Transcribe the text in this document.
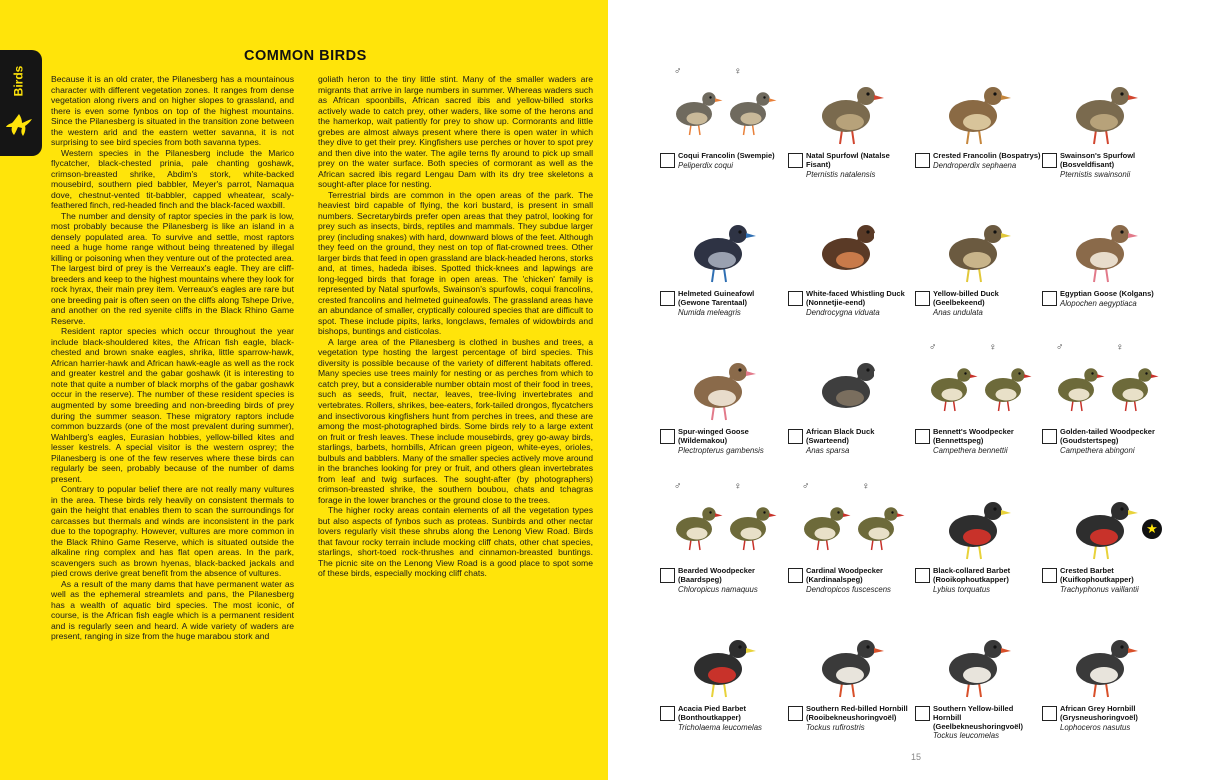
Birds
COMMON BIRDS

Because it is an old crater, the Pilanesberg has a mountainous character with different vegetation zones. It ranges from dense vegetation along rivers and on higher slopes to grassland, and there is even some fynbos on top of the highest mountains. Since the Pilanesberg is situated in the transition zone between the western arid and the eastern wetter savanna, it is not surprising to see bird species from both savanna types.

Western species in the Pilanesberg include the Marico flycatcher, black-chested prinia, pale chanting goshawk, crimson-breasted shrike, Abdim's stork, white-backed mousebird, southern pied babbler, Meyer's parrot, Namaqua dove, chestnut-vented tit-babbler, capped wheatear, scaly-feathered finch, red-headed finch and the black-faced waxbill.

The number and density of raptor species in the park is low, most probably because the Pilanesberg is like an island in a densely populated area. To survive and settle, most raptors need a huge home range without being threatened by illegal killing or poisoning when they venture out of the protected area. The largest bird of prey is the Verreaux's eagle. They are cliff-breeders and keep to the highest mountains where they look for rock hyrax, their main prey item. Verreaux's eagles are rare but one breeding pair is often seen on the cliffs along Tshepe Drive, and another on the red syenite cliffs in the Black Rhino Game Reserve.

Resident raptor species which occur throughout the year include black-shouldered kites, the African fish eagle, black-chested and brown snake eagles, shrika, little sparrow-hawk, African harrier-hawk and African hawk-eagle as well as the rock and greater kestrel and the gabar goshawk (it is interesting to note that quite a number of black morphs of the gabar goshawk occur in the reserve). The number of these resident species is augmented by some breeding and non-breeding birds of prey during the summer season. These migratory raptors include common buzzards (one of the most prevalent during summer), Wahlberg's eagles, Eurasian hobbies, yellow-billed kites and lesser kestrels. A special visitor is the western osprey; the Pilanesberg is one of the few reserves where these birds can regularly be seen, probably because of the number of dams present.

Contrary to popular belief there are not really many vultures in the area. These birds rely heavily on consistent thermals to gain the height that enables them to scan the surroundings for carcasses but thermals and winds are inconsistent in the park due to the topography. However, vultures are more common in the Black Rhino Game Reserve, which is situated outside the alkaline ring complex and has flat open areas. In the park, scavengers such as brown hyenas, black-backed jackals and pied crows derive great benefit from the absence of vultures.

As a result of the many dams that have permanent water as well as the ephemeral streamlets and pans, the Pilanesberg has a wealth of aquatic bird species. The most iconic, of course, is the African fish eagle which is a permanent resident and is regularly seen and heard. A wide variety of waders are present, ranging in size from the huge marabou stork and

goliath heron to the tiny little stint. Many of the smaller waders are migrants that arrive in large numbers in summer. Whereas waders such as African spoonbills, African sacred ibis and yellow-billed storks actively wade to catch prey, other waders, like some of the herons and the hamerkop, wait patiently for prey to show up. Cormorants and little grebes are almost always present where there is open water in which they dive to get their prey. Kingfishers use perches or hover to spot prey and then dive into the water. The agile terns fly around to pick up small prey on the water surface. Both species of cormorant as well as the African sacred ibis regard Lengau Dam with its dry tree skeletons a sought-after place for nesting.

Terrestrial birds are common in the open areas of the park. The heaviest bird capable of flying, the kori bustard, is present in small numbers. Secretarybirds prefer open areas that they patrol, looking for prey such as insects, birds, reptiles and mammals. They subdue larger prey (including snakes) with hard, downward blows of the feet. Although they feed on the ground, they nest on top of flat-crowned trees. Other larger birds that feed in open grassland are black-headed herons, storks and, at times, hadeda ibises. Spotted thick-knees and lapwings are long-legged birds that forage in open areas. The 'chicken' family is represented by Natal spurfowls, Swainson's spurfowls, coqui francolins, crested francolins and helmeted guineafowls. The grassland areas have an abundance of smaller, cryptically coloured species that are difficult to spot. These include pipits, larks, longclaws, females of widowbirds and bishops, buntings and cisticolas.

A large area of the Pilanesberg is clothed in bushes and trees, a vegetation type hosting the largest percentage of bird species. This diversity is possible because of the variety of different habitats offered. Many species use trees mainly for nesting or as perches from which to catch prey, but a considerable number obtain most of their food in trees, such as seeds, fruit, nectar, leaves, tree-living invertebrates and vertebrates. Rollers, shrikes, bee-eaters, fork-tailed drongos, flycatchers and insectivorous kingfishers hunt from perches in trees, and these are among the most-photographed birds. Some birds rely to a large extent on fruit or fresh leaves. These include mousebirds, grey go-away birds, starlings, barbets, hornbills, African green pigeon, white-eyes, orioles, bulbuls and babblers. Many of the smaller species actively move around in the branches looking for prey or fruit, and others glean invertebrates from leaf and twig surfaces. The sought-after (by photographers) crimson-breasted shrike, the southern boubou, chats and tchagras forage in the lower branches or the ground close to the trees.

The higher rocky areas contain elements of all the vegetation types but also aspects of fynbos such as proteas. Sunbirds and other nectar lovers regularly visit these shrubs along the Lenong View Road. Birds that favour rocky terrain include mocking cliff chats, other chat species, starlings, short-toed rock-thrushes and cinnamon-breasted buntings. The picnic site on the Lenong View Road is a good place to spot some of these birds, especially mocking cliff chats.

♂	♀
Coqui Francolin (Swempie)
Peliperdix coqui
Natal Spurfowl (Natalse Fisant)
Pternistis natalensis
Crested Francolin (Bospatrys)
Dendroperdix sephaena
Swainson's Spurfowl (Bosveldfisant)
Pternistis swainsonii
Helmeted Guineafowl (Gewone Tarentaal)
Numida meleagris
White-faced Whistling Duck (Nonnetjie-eend)
Dendrocygna viduata
Yellow-billed Duck (Geelbekeend)
Anas undulata
Egyptian Goose (Kolgans)
Alopochen aegyptiaca
Spur-winged Goose (Wildemakou)
Plectropterus gambensis
African Black Duck (Swarteend)
Anas sparsa
♂	♀
Bennett's Woodpecker (Bennettspeg)
Campethera bennettii
♂	♀
Golden-tailed Woodpecker (Goudstertspeg)
Campethera abingoni
♂	♀
Bearded Woodpecker (Baardspeg)
Chloropicus namaquus
♂	♀
Cardinal Woodpecker (Kardinaalspeg)
Dendropicos fuscescens
Black-collared Barbet (Rooikophoutkapper)
Lybius torquatus
★
Crested Barbet (Kuifkophoutkapper)
Trachyphonus vaillantii
Acacia Pied Barbet (Bonthoutkapper)
Tricholaema leucomelas
Southern Red-billed Hornbill (Rooibekneushoringvoël)
Tockus rufirostris
Southern Yellow-billed Hornbill (Geelbekneushoringvoël)
Tockus leucomelas
African Grey Hornbill (Grysneushoringvoël)
Lophoceros nasutus
15
